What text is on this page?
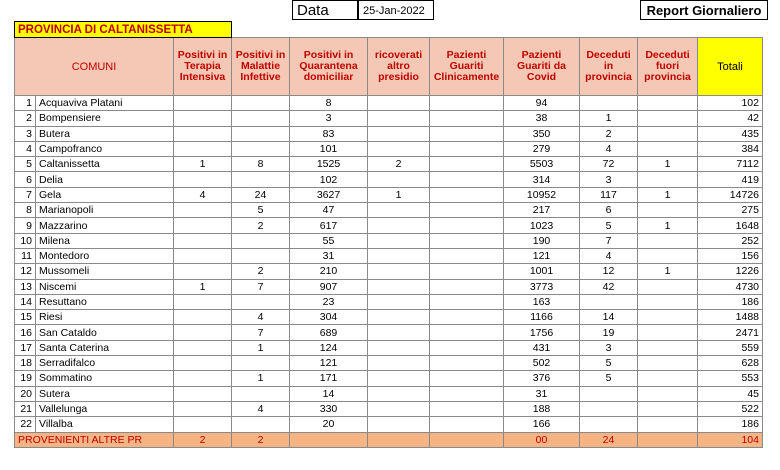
Data	25-Jan-2022	Report Giornaliero
PROVINCIA DI CALTANISSETTA										
COMUNI		Positivi in Terapia Intensiva	Positivi in Malattie Infettive	Positivi in Quarantena domiciliar	ricoverati altro presidio	Pazienti Guariti Clinicamente	Pazienti Guariti da Covid	Deceduti in provincia	Deceduti fuori provincia	Totali
1	Acquaviva Platani			8			94			102
2	Bompensiere			3			38	1		42
3	Butera			83			350	2		435
4	Campofranco			101			279	4		384
5	Caltanissetta	1	8	1525	2		5503	72	1	7112
6	Delia			102			314	3		419
7	Gela	4	24	3627	1		10952	117	1	14726
8	Marianopoli		5	47			217	6		275
9	Mazzarino		2	617			1023	5	1	1648
10	Milena			55			190	7		252
11	Montedoro			31			121	4		156
12	Mussomeli		2	210			1001	12	1	1226
13	Niscemi	1	7	907			3773	42		4730
14	Resuttano			23			163			186
15	Riesi		4	304			1166	14		1488
16	San Cataldo		7	689			1756	19		2471
17	Santa Caterina		1	124			431	3		559
18	Serradifalco			121			502	5		628
19	Sommatino		1	171			376	5		553
20	Sutera			14			31			45
21	Vallelunga		4	330			188			522
22	Villalba			20			166			186
PROVENIENTI ALTRE PR		2	2				00	24		104
